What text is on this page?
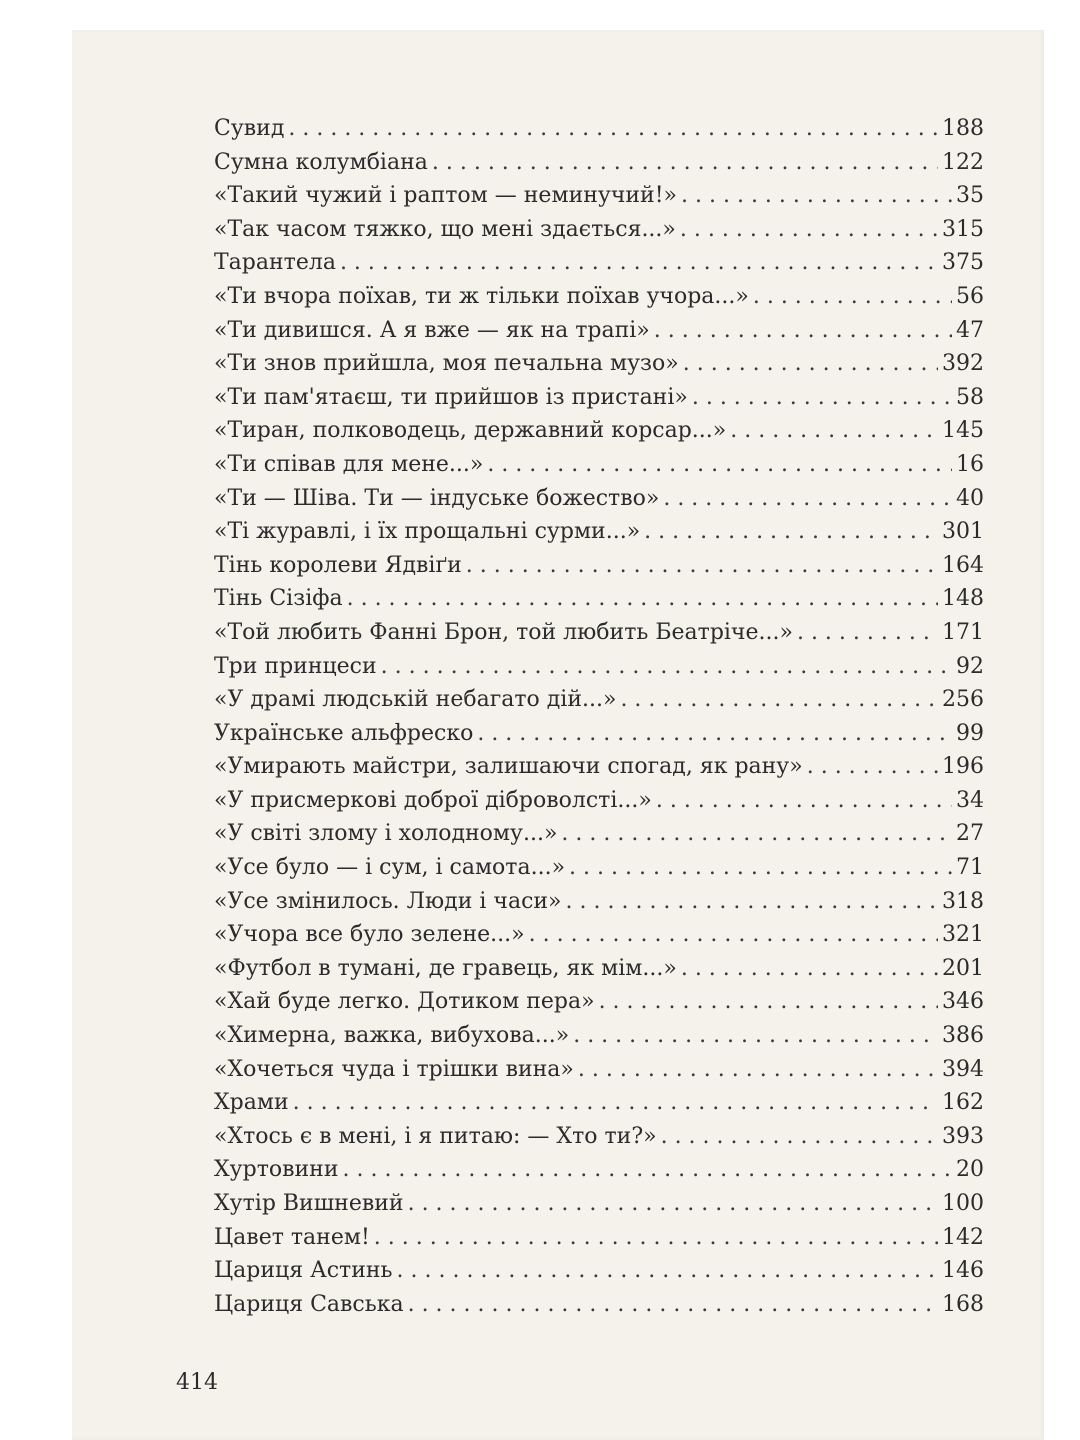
Сувид . . .	188
Сумна колумбіана . . .	122
«Такий чужий і раптом — неминучий!» . . .	35
«Так часом тяжко, що мені здається...» . . .	315
Тарантела . . .	375
«Ти вчора поїхав, ти ж тільки поїхав учора...» . . .	56
«Ти дивишся. А я вже — як на трапі» . . .	47
«Ти знов прийшла, моя печальна музо» . . .	392
«Ти пам'ятаєш, ти прийшов із пристані» . . .	58
«Тиран, полководець, державний корсар...» . . .	145
«Ти співав для мене...» . . .	16
«Ти — Шіва. Ти — індуське божество» . . .	40
«Ті журавлі, і їх прощальні сурми...» . . .	301
Тінь королеви Ядвіґи . . .	164
Тінь Сізіфа . . .	148
«Той любить Фанні Брон, той любить Беатріче...» . . .	171
Три принцеси . . .	92
«У драмі людській небагато дій...» . . .	256
Українське альфреско . . .	99
«Умирають майстри, залишаючи спогад, як рану» . . .	196
«У присмеркові доброї діброволсті...» . . .	34
«У світі злому і холодному...» . . .	27
«Усе було — і сум, і самота...» . . .	71
«Усе змінилось. Люди і часи» . . .	318
«Учора все було зелене...» . . .	321
«Футбол в тумані, де гравець, як мім...» . . .	201
«Хай буде легко. Дотиком пера» . . .	346
«Химерна, важка, вибухова...» . . .	386
«Хочеться чуда і трішки вина» . . .	394
Храми . . .	162
«Хтось є в мені, і я питаю: — Хто ти?» . . .	393
Хуртовини . . .	20
Хутір Вишневий . . .	100
Цавет танем! . . .	142
Цариця Астинь . . .	146
Цариця Савська . . .	168
414
